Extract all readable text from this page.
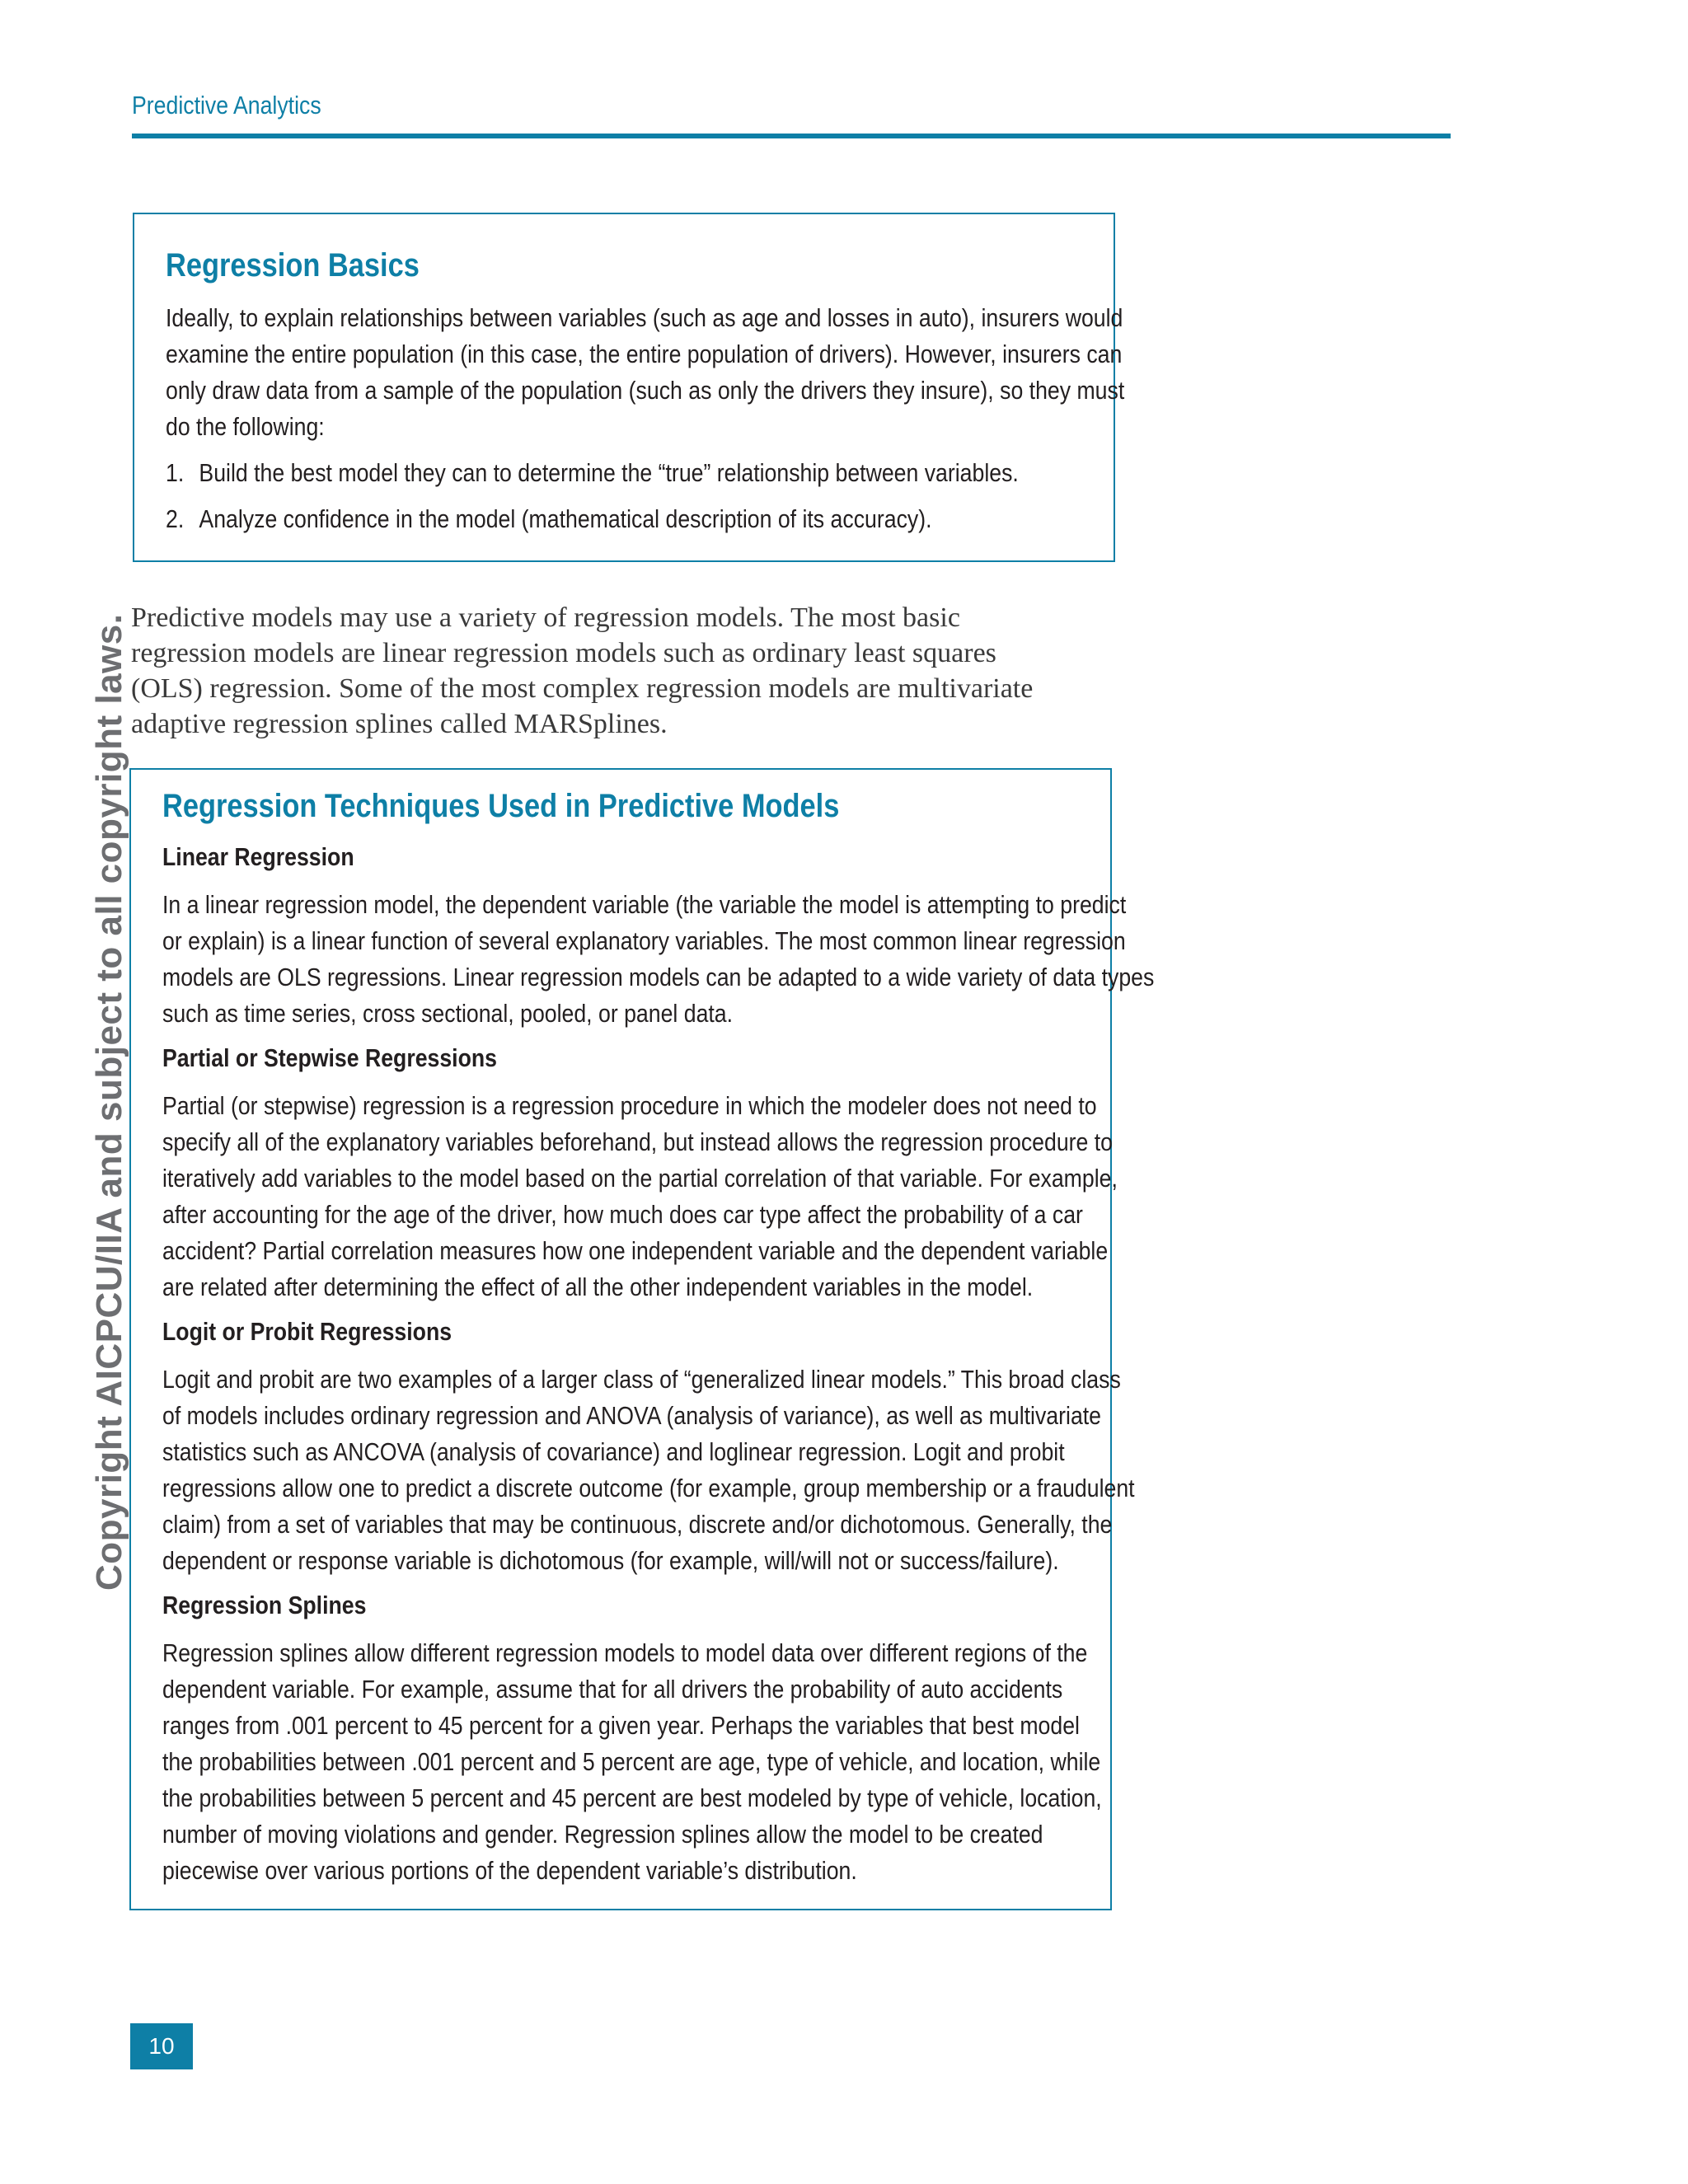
Predictive Analytics
Copyright AICPCU/IIA and subject to all copyright laws.
Regression Basics
Ideally, to explain relationships between variables (such as age and losses in auto), insurers would
examine the entire population (in this case, the entire population of drivers). However, insurers can
only draw data from a sample of the population (such as only the drivers they insure), so they must
do the following:
1. Build the best model they can to determine the “true” relationship between variables.
2. Analyze confidence in the model (mathematical description of its accuracy).
Predictive models may use a variety of regression models. The most basic
regression models are linear regression models such as ordinary least squares
(OLS) regression. Some of the most complex regression models are multivariate
adaptive regression splines called MARSplines.
Regression Techniques Used in Predictive Models
Linear Regression
In a linear regression model, the dependent variable (the variable the model is attempting to predict
or explain) is a linear function of several explanatory variables. The most common linear regression
models are OLS regressions. Linear regression models can be adapted to a wide variety of data types
such as time series, cross sectional, pooled, or panel data.
Partial or Stepwise Regressions
Partial (or stepwise) regression is a regression procedure in which the modeler does not need to
specify all of the explanatory variables beforehand, but instead allows the regression procedure to
iteratively add variables to the model based on the partial correlation of that variable. For example,
after accounting for the age of the driver, how much does car type affect the probability of a car
accident? Partial correlation measures how one independent variable and the dependent variable
are related after determining the effect of all the other independent variables in the model.
Logit or Probit Regressions
Logit and probit are two examples of a larger class of “generalized linear models.” This broad class
of models includes ordinary regression and ANOVA (analysis of variance), as well as multivariate
statistics such as ANCOVA (analysis of covariance) and loglinear regression. Logit and probit
regressions allow one to predict a discrete outcome (for example, group membership or a fraudulent
claim) from a set of variables that may be continuous, discrete and/or dichotomous. Generally, the
dependent or response variable is dichotomous (for example, will/will not or success/failure).
Regression Splines
Regression splines allow different regression models to model data over different regions of the
dependent variable. For example, assume that for all drivers the probability of auto accidents
ranges from .001 percent to 45 percent for a given year. Perhaps the variables that best model
the probabilities between .001 percent and 5 percent are age, type of vehicle, and location, while
the probabilities between 5 percent and 45 percent are best modeled by type of vehicle, location,
number of moving violations and gender. Regression splines allow the model to be created
piecewise over various portions of the dependent variable’s distribution.
10
